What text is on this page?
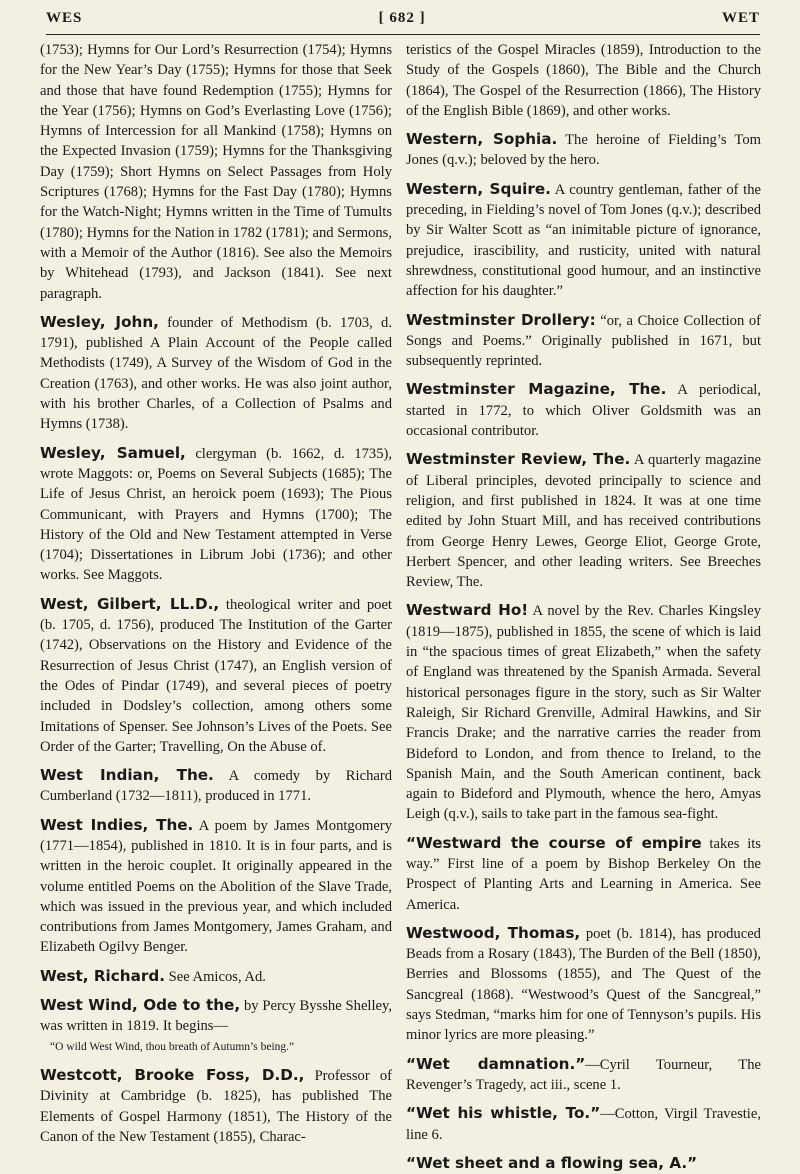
WES	[ 682 ]	WET

(1753); Hymns for Our Lord’s Resurrection (1754); Hymns for the New Year’s Day (1755); Hymns for those that Seek and those that have found Redemption (1755); Hymns for the Year (1756); Hymns on God’s Everlasting Love (1756); Hymns of Intercession for all Mankind (1758); Hymns on the Expected Invasion (1759); Hymns for the Thanksgiving Day (1759); Short Hymns on Select Passages from Holy Scriptures (1768); Hymns for the Fast Day (1780); Hymns for the Watch-Night; Hymns written in the Time of Tumults (1780); Hymns for the Nation in 1782 (1781); and Sermons, with a Memoir of the Author (1816). See also the Memoirs by Whitehead (1793), and Jackson (1841). See next paragraph.

Wesley, John, founder of Methodism (b. 1703, d. 1791), published A Plain Account of the People called Methodists (1749), A Survey of the Wisdom of God in the Creation (1763), and other works. He was also joint author, with his brother Charles, of a Collection of Psalms and Hymns (1738).

Wesley, Samuel, clergyman (b. 1662, d. 1735), wrote Maggots: or, Poems on Several Subjects (1685); The Life of Jesus Christ, an heroick poem (1693); The Pious Communicant, with Prayers and Hymns (1700); The History of the Old and New Testament attempted in Verse (1704); Dissertationes in Librum Jobi (1736); and other works. See Maggots.

West, Gilbert, LL.D., theological writer and poet (b. 1705, d. 1756), produced The Institution of the Garter (1742), Observations on the History and Evidence of the Resurrection of Jesus Christ (1747), an English version of the Odes of Pindar (1749), and several pieces of poetry included in Dodsley’s collection, among others some Imitations of Spenser. See Johnson’s Lives of the Poets. See Order of the Garter; Travelling, On the Abuse of.

West Indian, The. A comedy by Richard Cumberland (1732—1811), produced in 1771.

West Indies, The. A poem by James Montgomery (1771—1854), published in 1810. It is in four parts, and is written in the heroic couplet. It originally appeared in the volume entitled Poems on the Abolition of the Slave Trade, which was issued in the previous year, and which included contributions from James Montgomery, James Graham, and Elizabeth Ogilvy Benger.

West, Richard. See Amicos, Ad.

West Wind, Ode to the, by Percy Bysshe Shelley, was written in 1819. It begins—

“O wild West Wind, thou breath of Autumn’s being.”

Westcott, Brooke Foss, D.D., Professor of Divinity at Cambridge (b. 1825), has published The Elements of Gospel Harmony (1851), The History of the Canon of the New Testament (1855), Charac-

teristics of the Gospel Miracles (1859), Introduction to the Study of the Gospels (1860), The Bible and the Church (1864), The Gospel of the Resurrection (1866), The History of the English Bible (1869), and other works.

Western, Sophia. The heroine of Fielding’s Tom Jones (q.v.); beloved by the hero.

Western, Squire. A country gentleman, father of the preceding, in Fielding’s novel of Tom Jones (q.v.); described by Sir Walter Scott as “an inimitable picture of ignorance, prejudice, irascibility, and rusticity, united with natural shrewdness, constitutional good humour, and an instinctive affection for his daughter.”

Westminster Drollery: “or, a Choice Collection of Songs and Poems.” Originally published in 1671, but subsequently reprinted.

Westminster Magazine, The. A periodical, started in 1772, to which Oliver Goldsmith was an occasional contributor.

Westminster Review, The. A quarterly magazine of Liberal principles, devoted principally to science and religion, and first published in 1824. It was at one time edited by John Stuart Mill, and has received contributions from George Henry Lewes, George Eliot, George Grote, Herbert Spencer, and other leading writers. See Breeches Review, The.

Westward Ho! A novel by the Rev. Charles Kingsley (1819—1875), published in 1855, the scene of which is laid in “the spacious times of great Elizabeth,” when the safety of England was threatened by the Spanish Armada. Several historical personages figure in the story, such as Sir Walter Raleigh, Sir Richard Grenville, Admiral Hawkins, and Sir Francis Drake; and the narrative carries the reader from Bideford to London, and from thence to Ireland, to the Spanish Main, and the South American continent, back again to Bideford and Plymouth, whence the hero, Amyas Leigh (q.v.), sails to take part in the famous sea-fight.

“Westward the course of empire takes its way.” First line of a poem by Bishop Berkeley On the Prospect of Planting Arts and Learning in America. See America.

Westwood, Thomas, poet (b. 1814), has produced Beads from a Rosary (1843), The Burden of the Bell (1850), Berries and Blossoms (1855), and The Quest of the Sancgreal (1868). “Westwood’s Quest of the Sancgreal,” says Stedman, “marks him for one of Tennyson’s pupils. His minor lyrics are more pleasing.”

“Wet damnation.”—Cyril Tourneur, The Revenger’s Tragedy, act iii., scene 1.

“Wet his whistle, To.”—Cotton, Virgil Travestie, line 6.

“Wet sheet and a flowing sea, A.”
